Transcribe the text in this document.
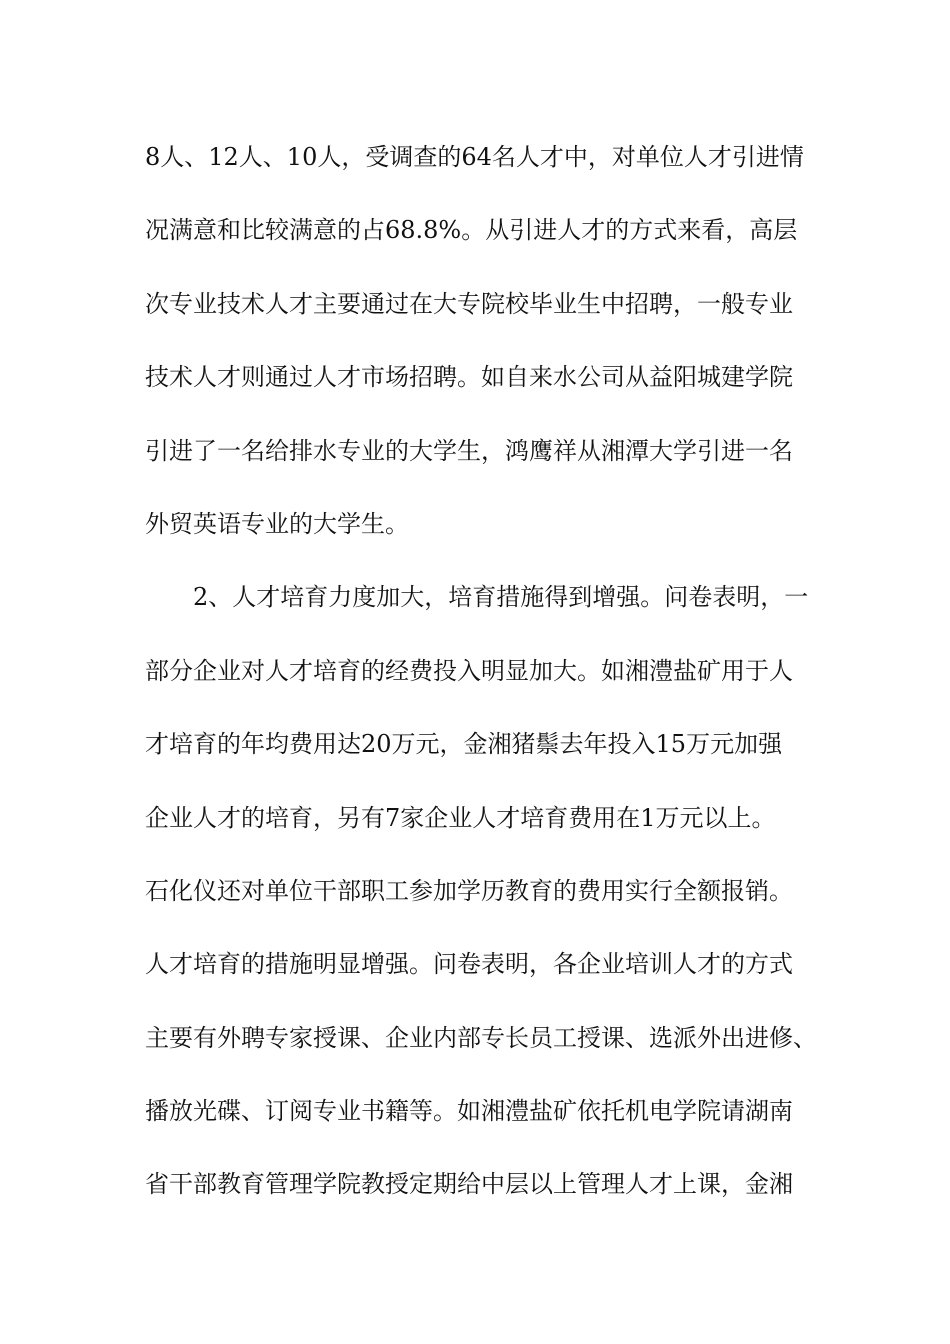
8人、12人、10人，受调查的64名人才中，对单位人才引进情
况满意和比较满意的占68.8%。从引进人才的方式来看，高层
次专业技术人才主要通过在大专院校毕业生中招聘，一般专业
技术人才则通过人才市场招聘。如自来水公司从益阳城建学院
引进了一名给排水专业的大学生，鸿鹰祥从湘潭大学引进一名
外贸英语专业的大学生。
2、人才培育力度加大，培育措施得到增强。问卷表明，一
部分企业对人才培育的经费投入明显加大。如湘澧盐矿用于人
才培育的年均费用达20万元，金湘猪鬃去年投入15万元加强
企业人才的培育，另有7家企业人才培育费用在1万元以上。
石化仪还对单位干部职工参加学历教育的费用实行全额报销。
人才培育的措施明显增强。问卷表明，各企业培训人才的方式
主要有外聘专家授课、企业内部专长员工授课、选派外出进修、
播放光碟、订阅专业书籍等。如湘澧盐矿依托机电学院请湖南
省干部教育管理学院教授定期给中层以上管理人才上课，金湘
